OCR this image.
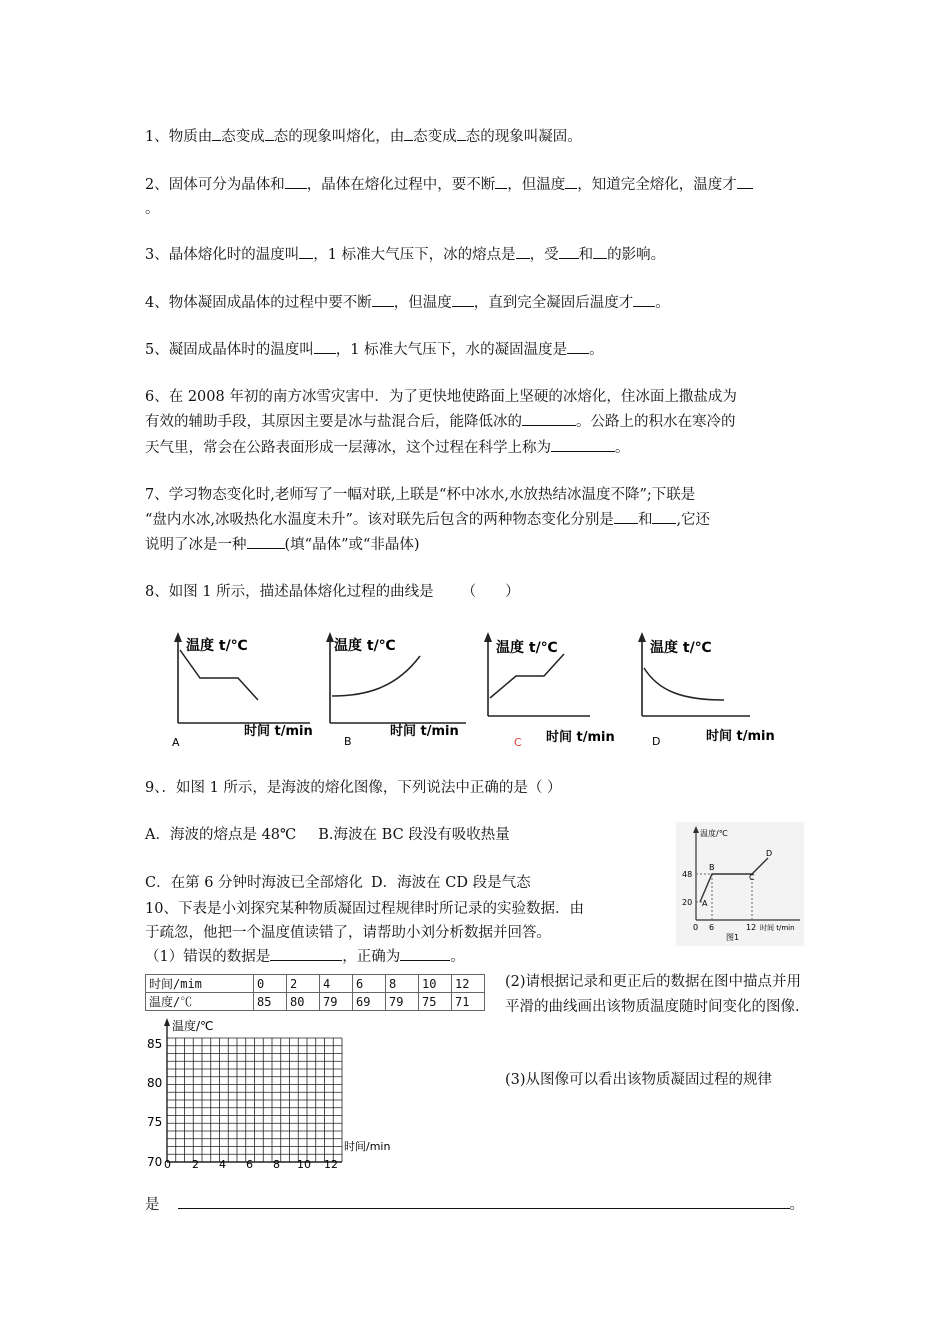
1、物质由 态变成 态的现象叫熔化，由 态变成 态的现象叫凝固。
2、固体可分为晶体和 ，晶体在熔化过程中，要不断 ，但温度 ，知道完全熔化，温度才
。
3、晶体熔化时的温度叫 ，1 标准大气压下，冰的熔点是 ，受 和 的影响。
4、物体凝固成晶体的过程中要不断 ，但温度 ，直到完全凝固后温度才 。
5、凝固成晶体时的温度叫 ，1 标准大气压下，水的凝固温度是 。
6、在 2008 年初的南方冰雪灾害中．为了更快地使路面上坚硬的冰熔化，住冰面上撒盐成为
有效的辅助手段，其原因主要是冰与盐混合后，能降低冰的	。公路上的积水在寒冷的
天气里，常会在公路表面形成一层薄冰，这个过程在科学上称为	。
7、学习物态变化时,老师写了一幅对联,上联是“杯中冰水,水放热结冰温度不降”;下联是
“盘内水冰,冰吸热化水温度未升”。该对联先后包含的两种物态变化分别是 和 ,它还
说明了冰是一种	(填“晶体”或“非晶体)
8、如图 1 所示，描述晶体熔化过程的曲线是 （　　）
温度 t/℃
时间 t/min
A
温度 t/℃
时间 t/min
B
温度 t/℃
时间 t/min
C
温度 t/℃
时间 t/min
D
9、．如图 1 所示，是海波的熔化图像，下列说法中正确的是（ ）
A．海波的熔点是 48℃ B.海波在 BC 段没有吸收热量
C．在第 6 分钟时海波已全部熔化 D．海波在 CD 段是气态
温度/℃
48
20
0 6	12 时间 t/min
A
B
C
D
图1
10、下表是小刘探究某种物质凝固过程规律时所记录的实验数据．由
于疏忽，他把一个温度值读错了，请帮助小刘分析数据并回答。
（1）错误的数据是	，正确为	。
时间/mim	0	2	4	6	8	10	12
温度/℃	85	80	79	69	79	75	71
(2)请根据记录和更正后的数据在图中描点并用平滑的曲线画出该物质温度随时间变化的图像.
(3)从图像可以看出该物质凝固过程的规律
温度/℃
时间/min
85
80
75
70 0 2 4 6 8 10 12
是	。
